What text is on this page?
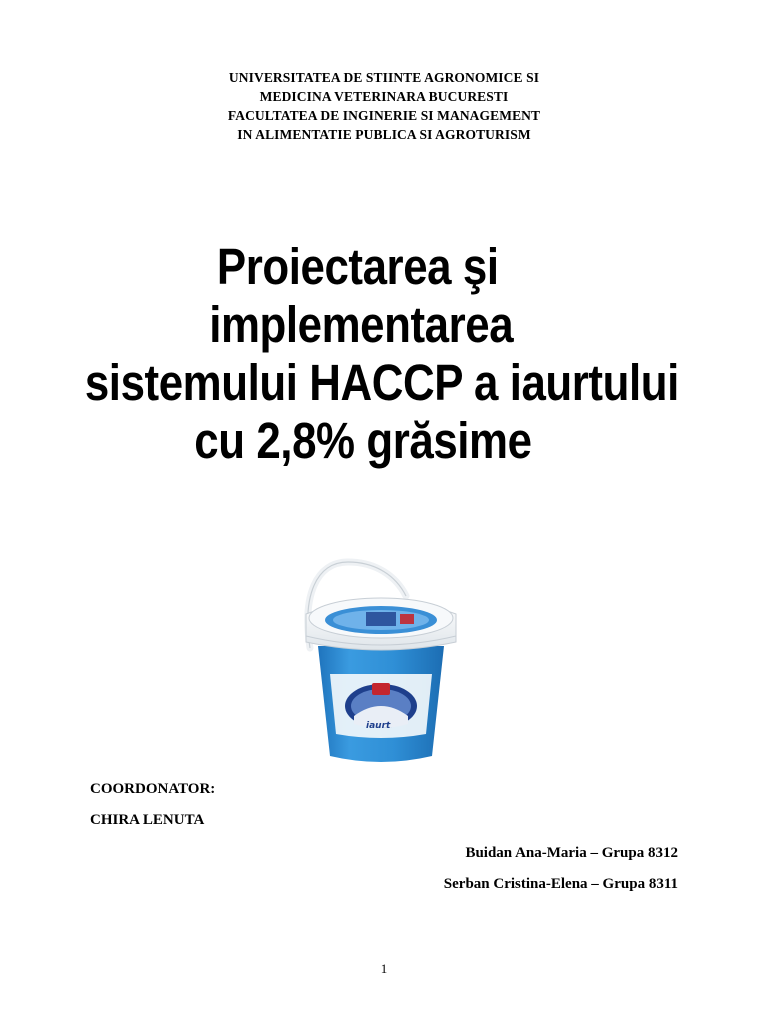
UNIVERSITATEA DE STIINTE AGRONOMICE SI
MEDICINA VETERINARA BUCURESTI
FACULTATEA DE INGINERIE SI MANAGEMENT
IN ALIMENTATIE PUBLICA SI AGROTURISM
Proiectarea şi
implementarea
sistemului HACCP a iaurtului
cu 2,8% grăsime
iaurt
COORDONATOR:
CHIRA LENUTA
Buidan Ana-Maria – Grupa 8312
Serban Cristina-Elena – Grupa 8311
1
